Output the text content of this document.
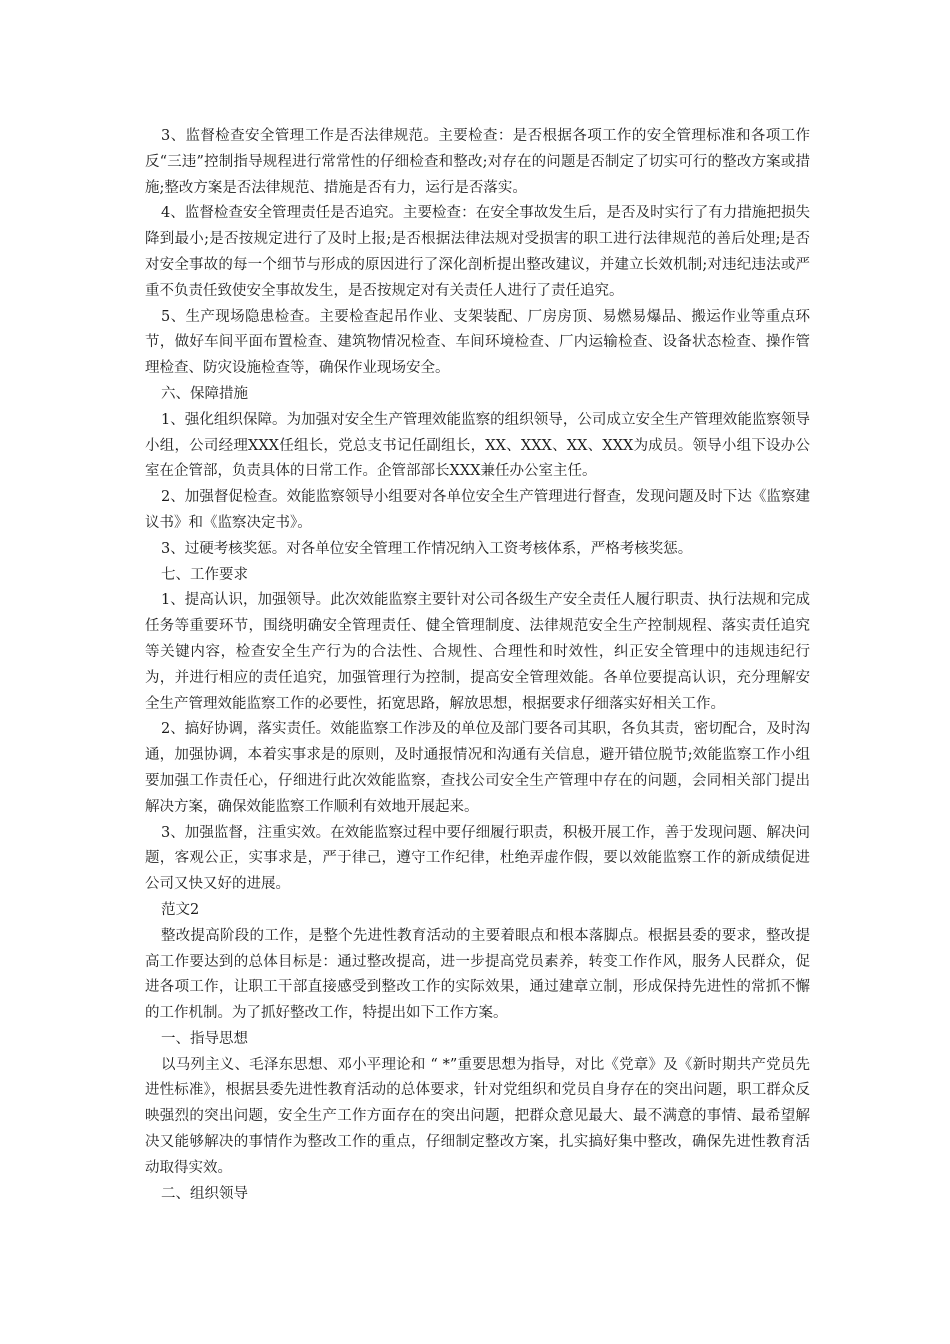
3、监督检查安全管理工作是否法律规范。主要检查：是否根据各项工作的安全管理标准和各项工作反“三违”控制指导规程进行常常性的仔细检查和整改;对存在的问题是否制定了切实可行的整改方案或措施;整改方案是否法律规范、措施是否有力，运行是否落实。

4、监督检查安全管理责任是否追究。主要检查：在安全事故发生后，是否及时实行了有力措施把损失降到最小;是否按规定进行了及时上报;是否根据法律法规对受损害的职工进行法律规范的善后处理;是否对安全事故的每一个细节与形成的原因进行了深化剖析提出整改建议，并建立长效机制;对违纪违法或严重不负责任致使安全事故发生，是否按规定对有关责任人进行了责任追究。

5、生产现场隐患检查。主要检查起吊作业、支架装配、厂房房顶、易燃易爆品、搬运作业等重点环节，做好车间平面布置检查、建筑物情况检查、车间环境检查、厂内运输检查、设备状态检查、操作管理检查、防灾设施检查等，确保作业现场安全。

六、保障措施

1、强化组织保障。为加强对安全生产管理效能监察的组织领导，公司成立安全生产管理效能监察领导小组，公司经理XXX任组长，党总支书记任副组长，XX、XXX、XX、XXX为成员。领导小组下设办公室在企管部，负责具体的日常工作。企管部部长XXX兼任办公室主任。

2、加强督促检查。效能监察领导小组要对各单位安全生产管理进行督查，发现问题及时下达《监察建议书》和《监察决定书》。

3、过硬考核奖惩。对各单位安全管理工作情况纳入工资考核体系，严格考核奖惩。

七、工作要求

1、提高认识，加强领导。此次效能监察主要针对公司各级生产安全责任人履行职责、执行法规和完成任务等重要环节，围绕明确安全管理责任、健全管理制度、法律规范安全生产控制规程、落实责任追究等关键内容，检查安全生产行为的合法性、合规性、合理性和时效性，纠正安全管理中的违规违纪行为，并进行相应的责任追究，加强管理行为控制，提高安全管理效能。各单位要提高认识，充分理解安全生产管理效能监察工作的必要性，拓宽思路，解放思想，根据要求仔细落实好相关工作。

2、搞好协调，落实责任。效能监察工作涉及的单位及部门要各司其职，各负其责，密切配合，及时沟通，加强协调，本着实事求是的原则，及时通报情况和沟通有关信息，避开错位脱节;效能监察工作小组要加强工作责任心，仔细进行此次效能监察，查找公司安全生产管理中存在的问题，会同相关部门提出解决方案，确保效能监察工作顺利有效地开展起来。

3、加强监督，注重实效。在效能监察过程中要仔细履行职责，积极开展工作，善于发现问题、解决问题，客观公正，实事求是，严于律己，遵守工作纪律，杜绝弄虚作假，要以效能监察工作的新成绩促进公司又快又好的进展。

范文2

整改提高阶段的工作，是整个先进性教育活动的主要着眼点和根本落脚点。根据县委的要求，整改提高工作要达到的总体目标是：通过整改提高，进一步提高党员素养，转变工作作风，服务人民群众，促进各项工作，让职工干部直接感受到整改工作的实际效果，通过建章立制，形成保持先进性的常抓不懈的工作机制。为了抓好整改工作，特提出如下工作方案。

一、指导思想

以马列主义、毛泽东思想、邓小平理论和 “ *”重要思想为指导，对比《党章》及《新时期共产党员先进性标准》，根据县委先进性教育活动的总体要求，针对党组织和党员自身存在的突出问题，职工群众反映强烈的突出问题，安全生产工作方面存在的突出问题，把群众意见最大、最不满意的事情、最希望解决又能够解决的事情作为整改工作的重点，仔细制定整改方案，扎实搞好集中整改，确保先进性教育活动取得实效。

二、组织领导
